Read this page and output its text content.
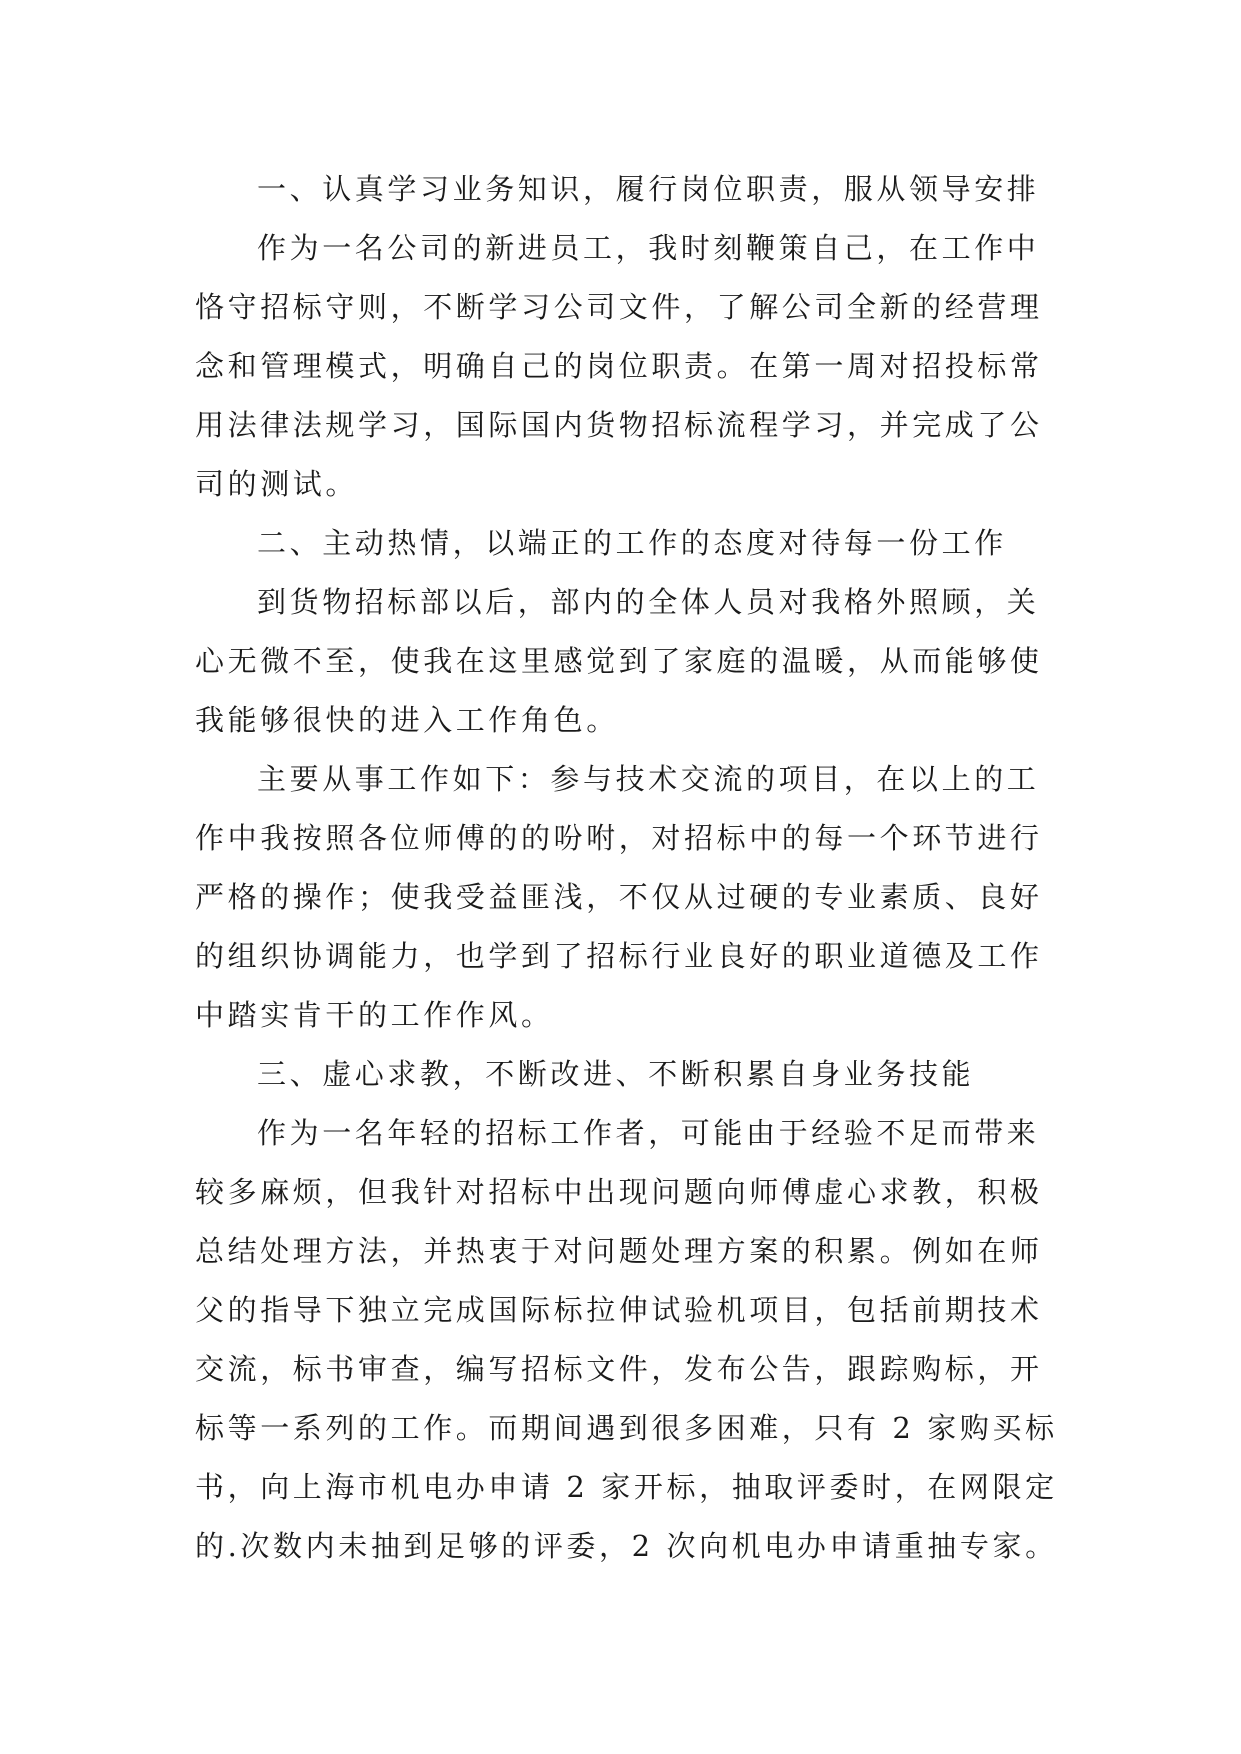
一、认真学习业务知识，履行岗位职责，服从领导安排
作为一名公司的新进员工，我时刻鞭策自己，在工作中
恪守招标守则，不断学习公司文件，了解公司全新的经营理
念和管理模式，明确自己的岗位职责。在第一周对招投标常
用法律法规学习，国际国内货物招标流程学习，并完成了公
司的测试。
二、主动热情，以端正的工作的态度对待每一份工作
到货物招标部以后，部内的全体人员对我格外照顾，关
心无微不至，使我在这里感觉到了家庭的温暖，从而能够使
我能够很快的进入工作角色。
主要从事工作如下：参与技术交流的项目，在以上的工
作中我按照各位师傅的的吩咐，对招标中的每一个环节进行
严格的操作；使我受益匪浅，不仅从过硬的专业素质、良好
的组织协调能力，也学到了招标行业良好的职业道德及工作
中踏实肯干的工作作风。
三、虚心求教，不断改进、不断积累自身业务技能
作为一名年轻的招标工作者，可能由于经验不足而带来
较多麻烦，但我针对招标中出现问题向师傅虚心求教，积极
总结处理方法，并热衷于对问题处理方案的积累。例如在师
父的指导下独立完成国际标拉伸试验机项目，包括前期技术
交流，标书审查，编写招标文件，发布公告，跟踪购标，开
标等一系列的工作。而期间遇到很多困难，只有 2 家购买标
书，向上海市机电办申请 2 家开标，抽取评委时，在网限定
的.次数内未抽到足够的评委，2 次向机电办申请重抽专家。
